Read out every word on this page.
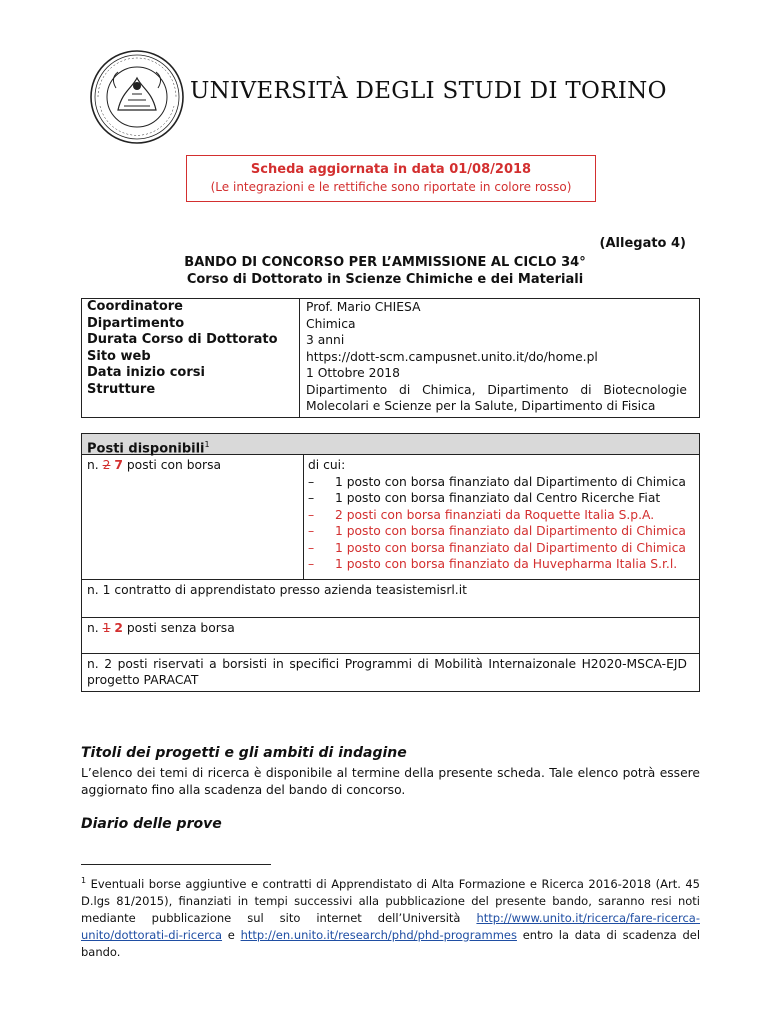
UNIVERSITÀ DEGLI STUDI DI TORINO
Scheda aggiornata in data 01/08/2018
(Le integrazioni e le rettifiche sono riportate in colore rosso)
(Allegato 4)
BANDO DI CONCORSO PER L’AMMISSIONE AL CICLO 34°
Corso di Dottorato in Scienze Chimiche e dei Materiali
Coordinatore	Prof. Mario CHIESA
Dipartimento	Chimica
Durata Corso di Dottorato	3 anni
Sito web	https://dott-scm.campusnet.unito.it/do/home.pl
Data inizio corsi	1 Ottobre 2018
Strutture	Dipartimento di Chimica, Dipartimento di Biotecnologie Molecolari e Scienze per la Salute, Dipartimento di Fisica
Posti disponibili$^1$
n. 2 7 posti con borsa	di cui:
–	1 posto con borsa finanziato dal Dipartimento di Chimica
–	1 posto con borsa finanziato dal Centro Ricerche Fiat
–	2 posti con borsa finanziati da Roquette Italia S.p.A.
–	1 posto con borsa finanziato dal Dipartimento di Chimica
–	1 posto con borsa finanziato dal Dipartimento di Chimica
–	1 posto con borsa finanziato da Huvepharma Italia S.r.l.
n. 1 contratto di apprendistato presso azienda teasistemisrl.it
n. 1 2 posti senza borsa
n. 2 posti riservati a borsisti in specifici Programmi di Mobilità Internaizonale H2020-MSCA-EJD progetto PARACAT
Titoli dei progetti e gli ambiti di indagine
L’elenco dei temi di ricerca è disponibile al termine della presente scheda. Tale elenco potrà essere aggiornato fino alla scadenza del bando di concorso.
Diario delle prove
$^1$ Eventuali borse aggiuntive e contratti di Apprendistato di Alta Formazione e Ricerca 2016-2018 (Art. 45 D.lgs 81/2015), finanziati in tempi successivi alla pubblicazione del presente bando, saranno resi noti mediante pubblicazione sul sito internet dell’Università http://www.unito.it/ricerca/fare-ricerca-unito/dottorati-di-ricerca e http://en.unito.it/research/phd/phd-programmes entro la data di scadenza del bando.
